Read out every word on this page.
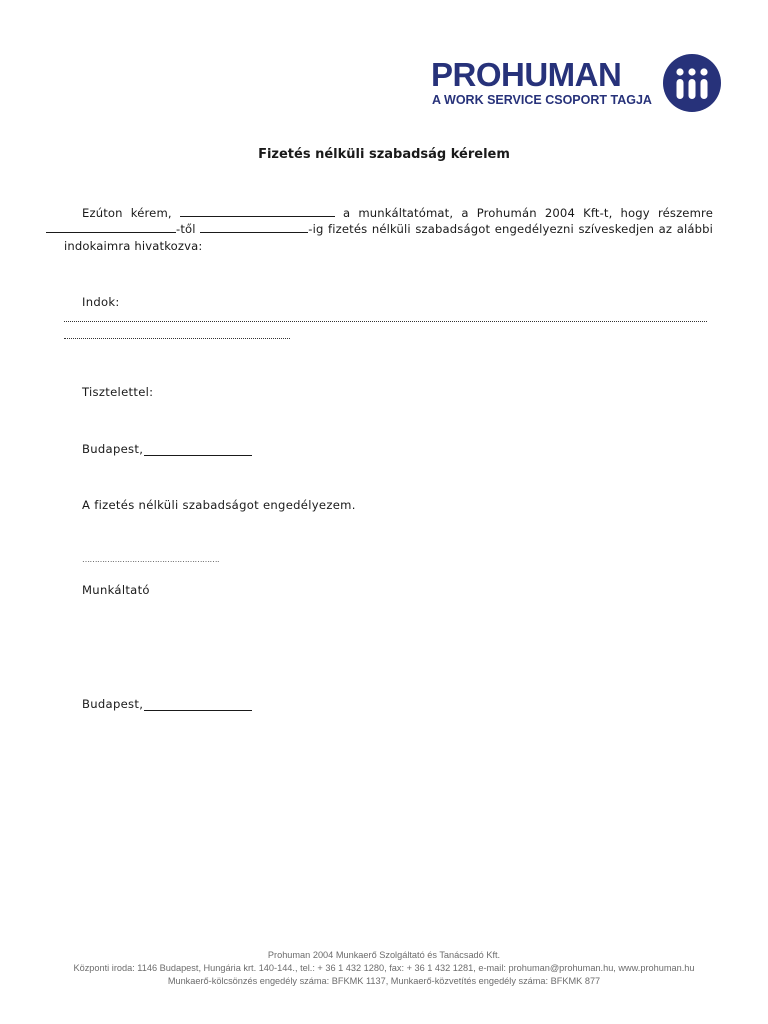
PROHUMAN
A WORK SERVICE CSOPORT TAGJA
Fizetés nélküli szabadság kérelem
Ezúton kérem,	a munkáltatómat, a Prohumán 2004 Kft-t, hogy részemre -től	-ig fizetés nélküli szabadságot engedélyezni szíveskedjen az alábbi indokaimra hivatkozva:
Indok:
Tisztelettel:
Budapest,
A fizetés nélküli szabadságot engedélyezem.
……………………………………………….
Munkáltató
Budapest,
Prohuman 2004 Munkaerő Szolgáltató és Tanácsadó Kft.
Központi iroda: 1146 Budapest, Hungária krt. 140-144., tel.: + 36 1 432 1280, fax: + 36 1 432 1281, e-mail: prohuman@prohuman.hu, www.prohuman.hu
Munkaerő-kölcsönzés engedély száma: BFKMK 1137, Munkaerő-közvetítés engedély száma: BFKMK 877
